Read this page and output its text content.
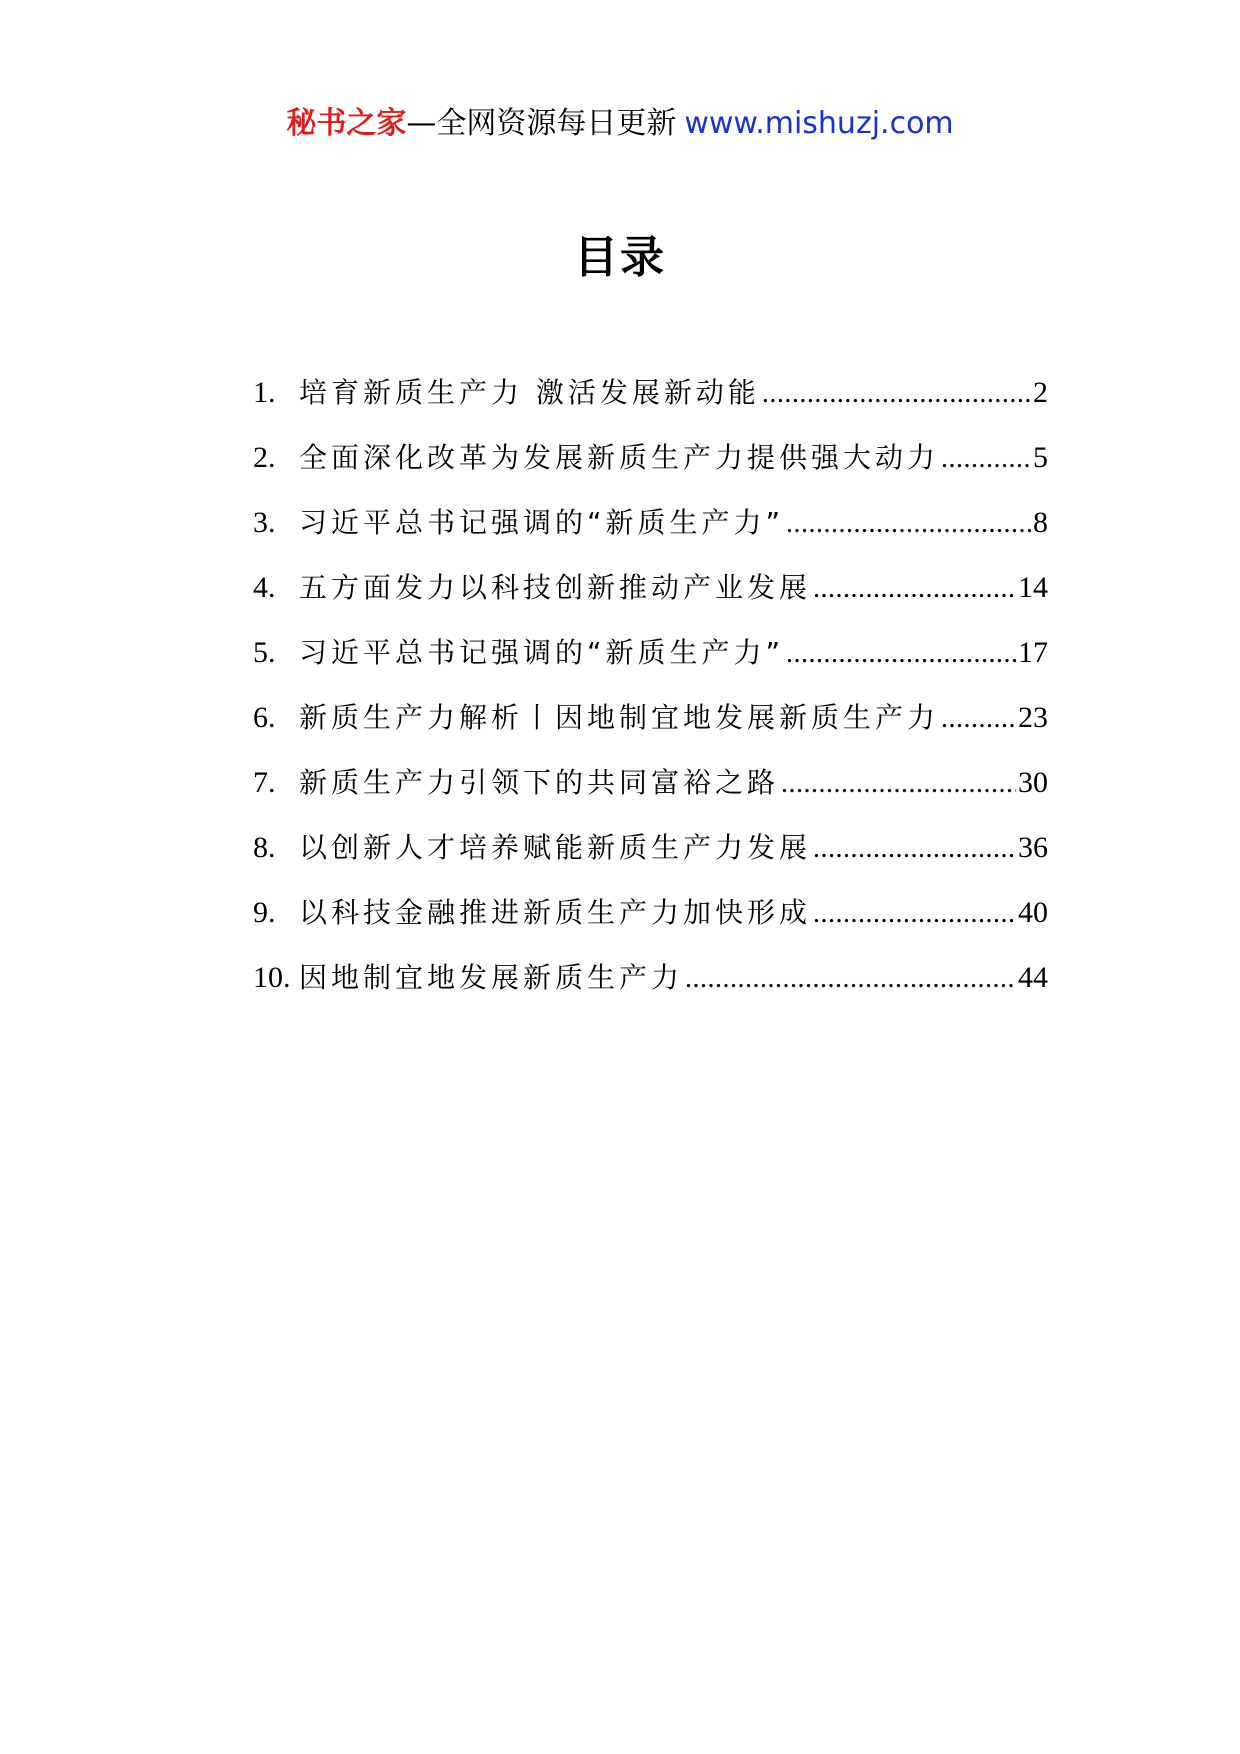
秘书之家—全网资源每日更新 www.mishuzj.com
目录
1. 培育新质生产力 激活发展新动能 .....	2
2. 全面深化改革为发展新质生产力提供强大动力 .....	5
3. 习近平总书记强调的“新质生产力” .....	8
4. 五方面发力以科技创新推动产业发展 .....	14
5. 习近平总书记强调的“新质生产力” .....	17
6. 新质生产力解析丨因地制宜地发展新质生产力 .....	23
7. 新质生产力引领下的共同富裕之路 .....	30
8. 以创新人才培养赋能新质生产力发展 .....	36
9. 以科技金融推进新质生产力加快形成 .....	40
10. 因地制宜地发展新质生产力 .....	44
